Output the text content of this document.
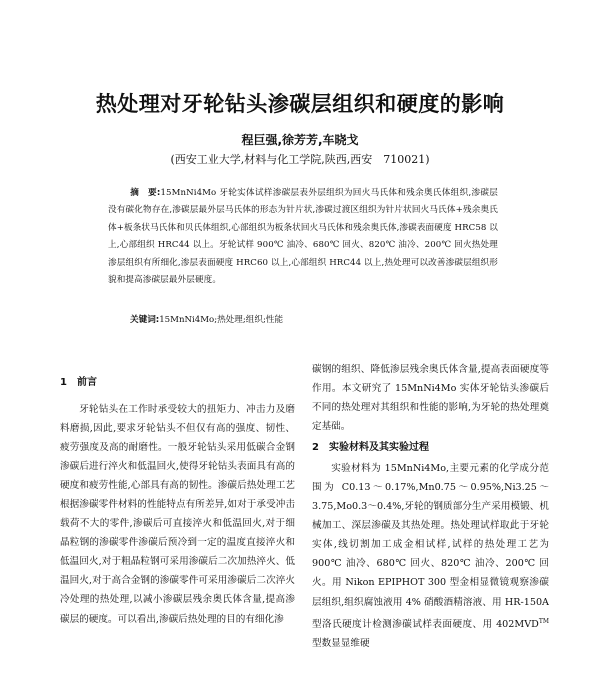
热处理对牙轮钻头渗碳层组织和硬度的影响
程巨强,徐芳芳,车晓戈
(西安工业大学,材料与化工学院,陕西,西安　710021)
摘　要:15MnNi4Mo 牙轮实体试样渗碳层表外层组织为回火马氏体和残余奥氏体组织,渗碳层没有碳化物存在,渗碳层最外层马氏体的形态为针片状,渗碳过渡区组织为针片状回火马氏体+残余奥氏体+板条状马氏体和贝氏体组织,心部组织为板条状回火马氏体和残余奥氏体,渗碳表面硬度 HRC58 以上,心部组织 HRC44 以上。牙轮试样 900℃ 油冷、680℃ 回火、820℃ 油冷、200℃ 回火热处理渗层组织有所细化,渗层表面硬度 HRC60 以上,心部组织 HRC44 以上,热处理可以改善渗碳层组织形貌和提高渗碳层最外层硬度。
关键词:15MnNi4Mo;热处理;组织;性能
1　前言

牙轮钻头在工作时承受较大的扭矩力、冲击力及磨料磨损,因此,要求牙轮钻头不但仅有高的强度、韧性、疲劳强度及高的耐磨性。一般牙轮钻头采用低碳合金钢渗碳后进行淬火和低温回火,使得牙轮钻头表面具有高的硬度和疲劳性能,心部具有高的韧性。渗碳后热处理工艺根据渗碳零件材料的性能特点有所差异,如对于承受冲击载荷不大的零件,渗碳后可直接淬火和低温回火,对于细晶粒钢的渗碳零件渗碳后预冷到一定的温度直接淬火和低温回火,对于粗晶粒钢可采用渗碳后二次加热淬火、低温回火,对于高合金钢的渗碳零件可采用渗碳后二次淬火冷处理的热处理,以减小渗碳层残余奥氏体含量,提高渗碳层的硬度。可以看出,渗碳后热处理的目的有细化渗

碳钢的组织、降低渗层残余奥氏体含量,提高表面硬度等作用。本文研究了 15MnNi4Mo 实体牙轮钻头渗碳后不同的热处理对其组织和性能的影响,为牙轮的热处理奠定基础。

2　实验材料及其实验过程

实验材料为 15MnNi4Mo,主要元素的化学成分范围为 C0.13～0.17%,Mn0.75～0.95%,Ni3.25～3.75,Mo0.3～0.4%,牙轮的钢质部分生产采用模锻、机械加工、深层渗碳及其热处理。热处理试样取此于牙轮实体,线切割加工成金相试样,试样的热处理工艺为 900℃ 油冷、680℃ 回火、820℃ 油冷、200℃ 回火。用 Nikon EPIPHOT 300 型金相显微镜观察渗碳层组织,组织腐蚀液用 4% 硝酸酒精溶液、用 HR-150A 型洛氏硬度计检测渗碳试样表面硬度、用 402MVD™型数显显维硬
